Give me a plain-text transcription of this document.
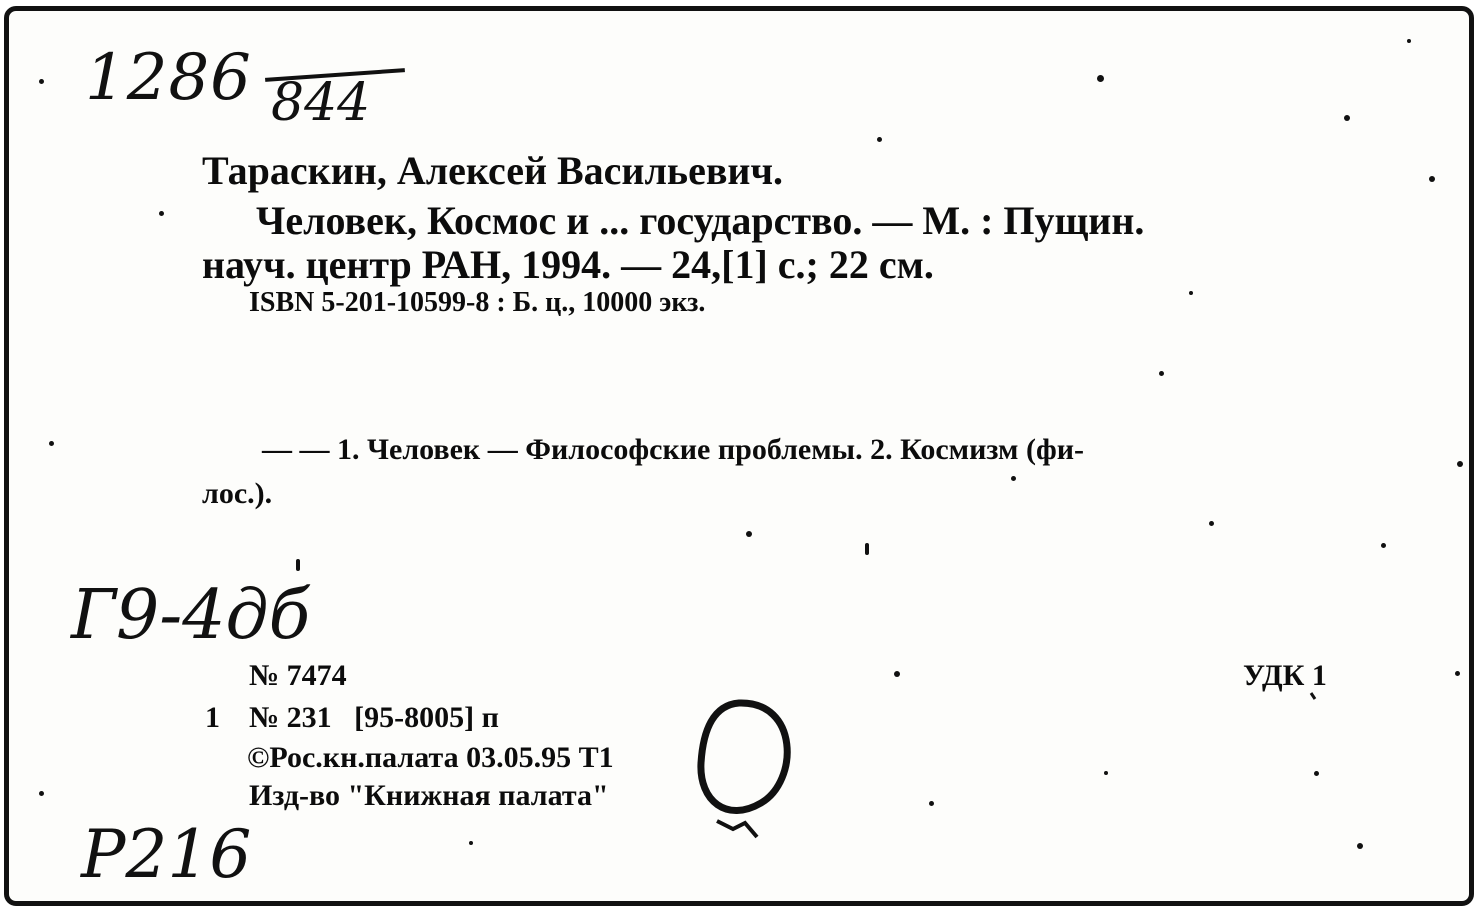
1286 844
Тараскин, Алексей Васильевич.
Человек, Космос и ... государство. — М. : Пущин.
науч. центр РАН, 1994. — 24,[1] с.; 22 см.
ISBN 5-201-10599-8 : Б. ц., 10000 экз.
— — 1. Человек — Философские проблемы. 2. Космизм (фи-
лос.).
Г9-4дб
№ 7474	УДК 1
1 № 231   [95-8005] п
©Рос.кн.палата 03.05.95 Т1
Изд-во "Книжная палата"
Р216
